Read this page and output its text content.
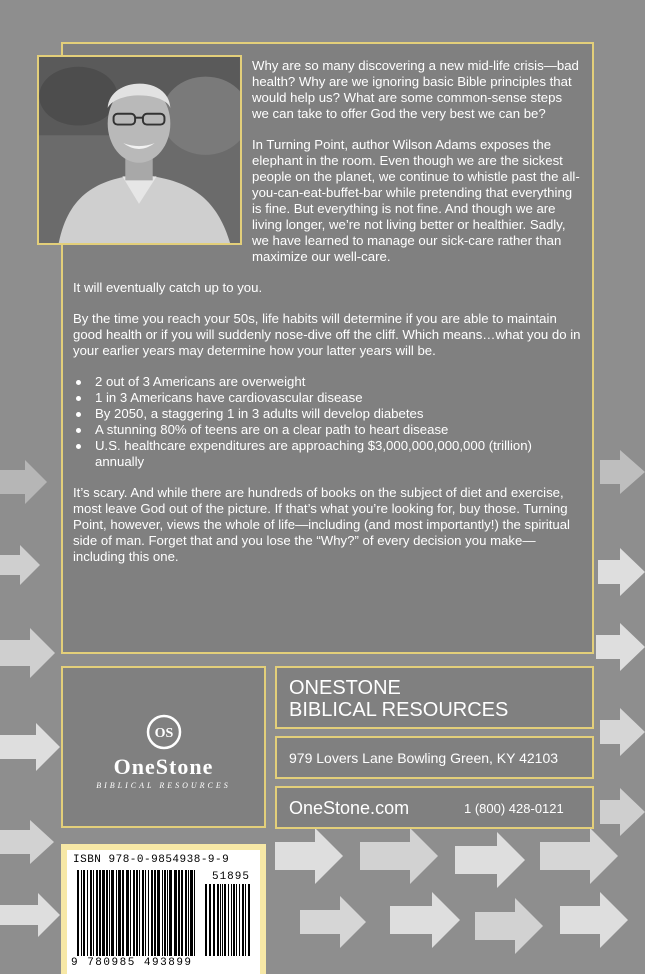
Why are so many discovering a new mid-life crisis—bad health? Why are we ignoring basic Bible principles that would help us? What are some common-sense steps we can take to offer God the very best we can be?

In Turning Point, author Wilson Adams exposes the elephant in the room. Even though we are the sickest people on the planet, we continue to whistle past the all-you-can-eat-buffet-bar while pretending that everything is fine. But everything is not fine. And though we are living longer, we’re not living better or healthier. Sadly, we have learned to manage our sick-care rather than maximize our well-care.

It will eventually catch up to you.

By the time you reach your 50s, life habits will determine if you are able to maintain good health or if you will suddenly nose-dive off the cliff. Which means…what you do in your earlier years may determine how your latter years will be.

2 out of 3 Americans are overweight
1 in 3 Americans have cardiovascular disease
By 2050, a staggering 1 in 3 adults will develop diabetes
A stunning 80% of teens are on a clear path to heart disease
U.S. healthcare expenditures are approaching $3,000,000,000,000 (trillion) annually

It’s scary. And while there are hundreds of books on the subject of diet and exercise, most leave God out of the picture. If that’s what you’re looking for, buy those. Turning Point, however, views the whole of life—including (and most importantly!) the spiritual side of man. Forget that and you lose the “Why?” of every decision you make—including this one.

OS
OneStone
BIBLICAL RESOURCES
ONESTONE
BIBLICAL RESOURCES
979 Lovers Lane Bowling Green, KY 42103
OneStone.com	1 (800) 428-0121
ISBN 978-0-9854938-9-9
51895
9 780985 493899
